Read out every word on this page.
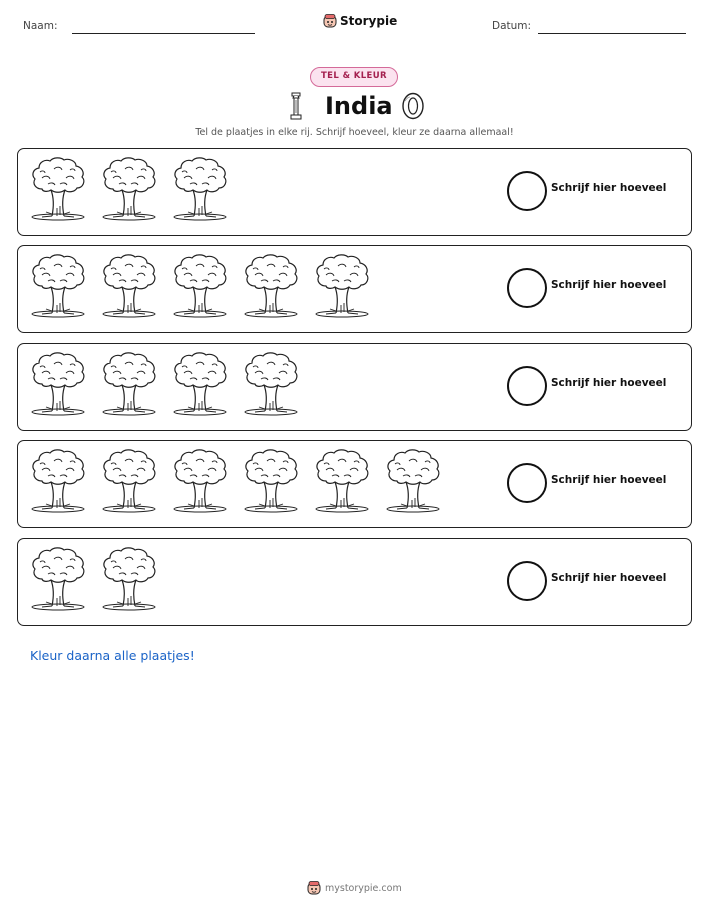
Naam:	Storypie	Datum:
TEL & KLEUR
India
Tel de plaatjes in elke rij. Schrijf hoeveel, kleur ze daarna allemaal!
Schrijf hier hoeveel
Schrijf hier hoeveel
Schrijf hier hoeveel
Schrijf hier hoeveel
Schrijf hier hoeveel
Kleur daarna alle plaatjes!
mystorypie.com
